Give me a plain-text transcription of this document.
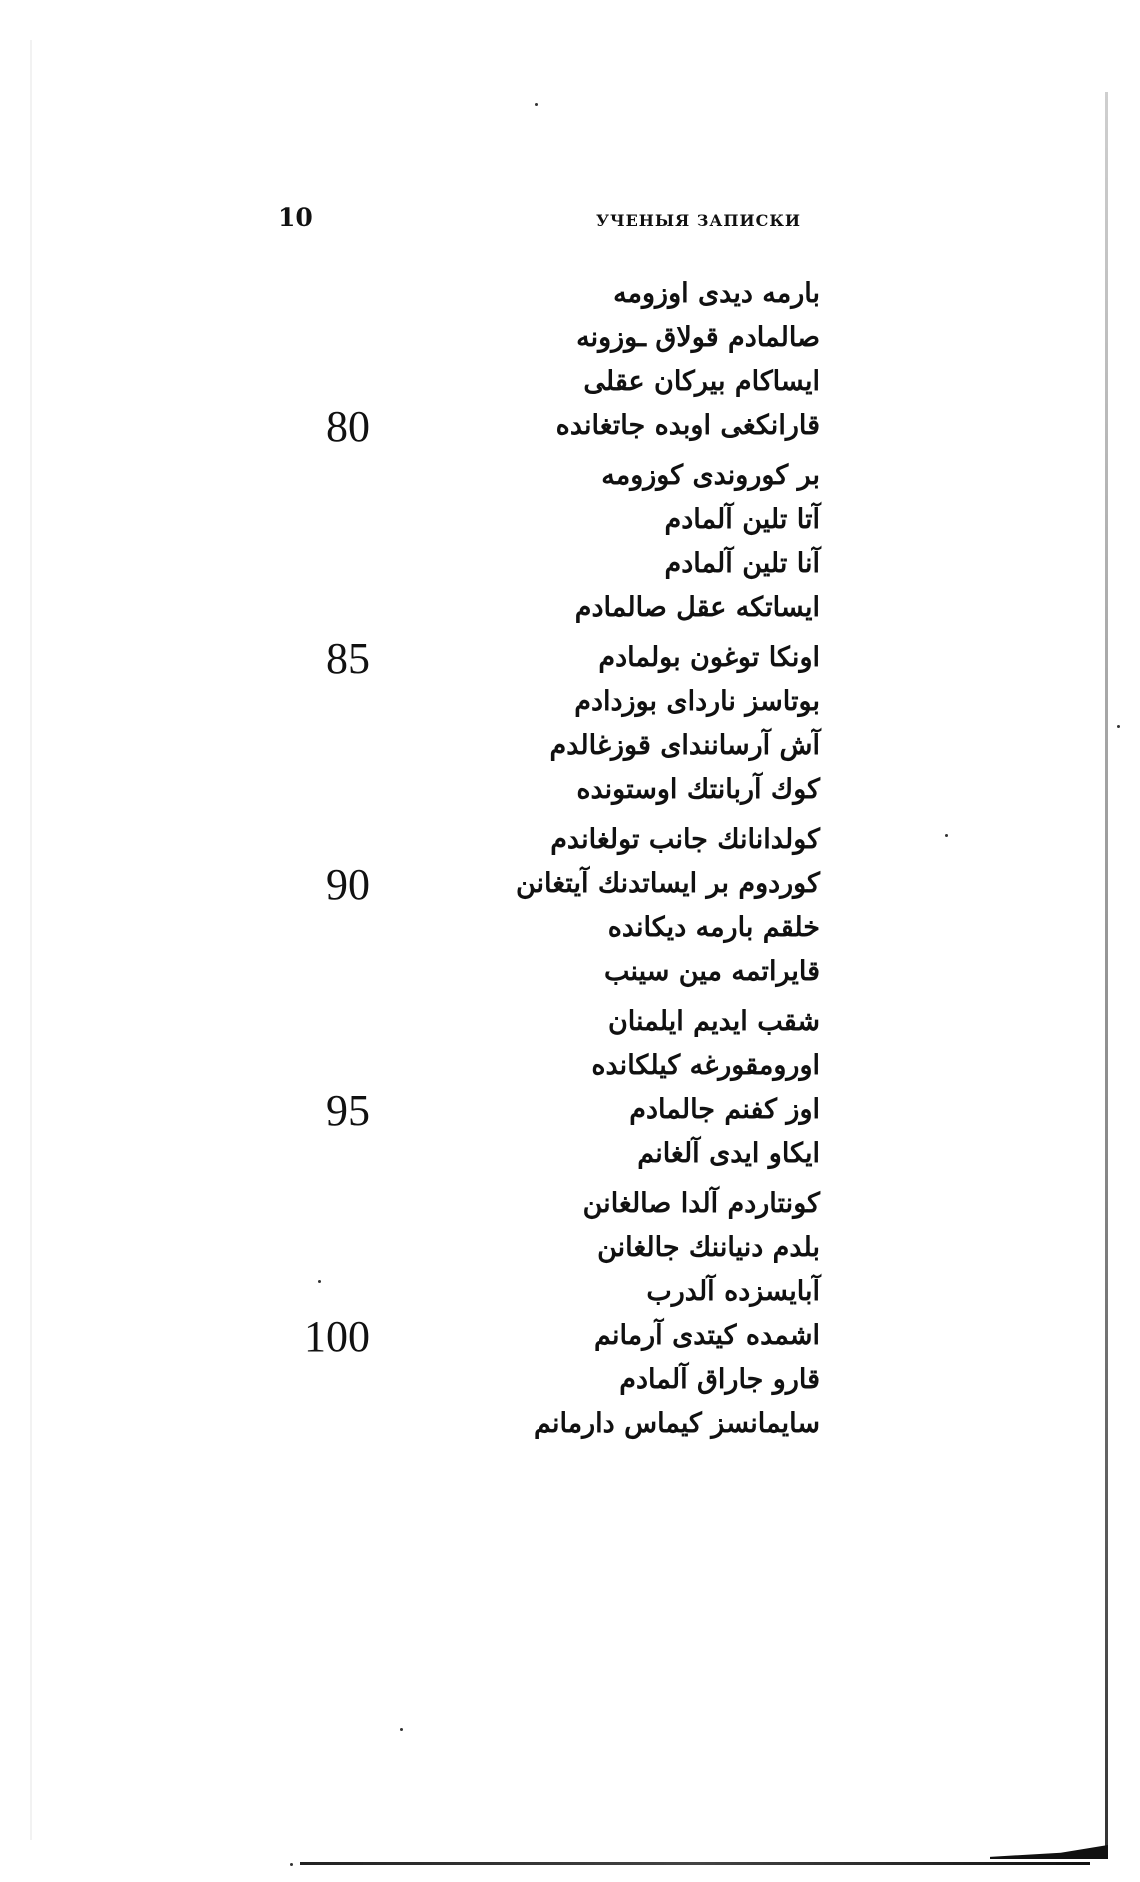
10	УЧЕНЫЯ ЗАПИСКИ
بارمه دیدی اوزومه
صالمادم قولاق ـوزونه
ایساکام بیرکان عقلی
80	قارانکغی اوبده جاتغانده
بر کوروندی کوزومه
آتا تلین آلمادم
آنا تلین آلمادم
ایساتکه عقل صالمادم
85	اونکا توغون بولمادم
بوتاسز ناردای بوزدادم
آش آرسانندای قوزغالدم
کوك آربانتك اوستونده
کولدانانك جانب تولغاندم
90	کوردوم بر ایساتدنك آیتغانن
خلقم بارمه دیکانده
قایراتمه مین سینب
شقب ایدیم ایلمنان
اورومقورغه کیلکانده
95	اوز کفنم جالمادم
ایکاو ایدی آلغانم
کونتاردم آلدا صالغانن
بلدم دنیاننك جالغانن
آبایسزده آلدرب
100	اشمده کیتدی آرمانم
قارو جاراق آلمادم
سایمانسز کیماس دارمانم
